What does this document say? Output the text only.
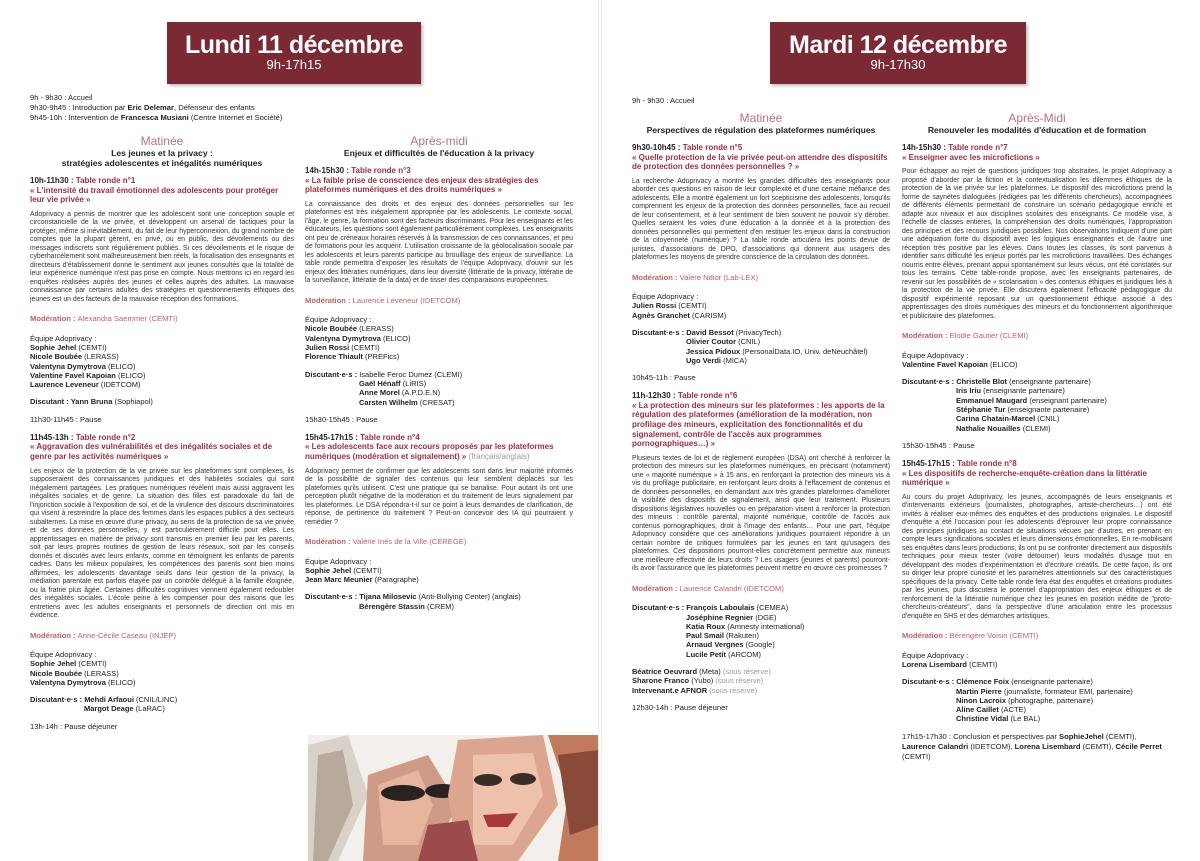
Lundi 11 décembre
9h-17h15

9h - 9h30 : Accueil

9h30-9h45 : Introduction par Eric Delemar, Défenseur des enfants

9h45-10h : Intervention de Francesca Musiani (Centre Internet et Société)

Matinée
Les jeunes et la privacy :
stratégies adolescentes et inégalités numériques
10h-11h30 : Table ronde n°1
« L'intensité du travail émotionnel des adolescents pour protéger leur vie privée »
Adoprivacy a permis de montrer que les adolescent sont une conception souple et circonstancielle de la vie privée, et développent un arsenal de tactiques pour la protéger, même si inévitablement, du fait de leur hyperconnexion, du grand nombre de comptes que la plupart gèrent, en privé, ou en public, des dévoilements ou des messages indiscrets sont régulièrement publiés. Si ces dévoilements et le risque de cyberharcèlement sont malheureusement bien réels, la focalisation des enseignants et directeurs d'établissement donne le sentiment aux jeunes consultés que la totalité de leur expérience numérique n'est pas prise en compte. Nous mettrons ici en regard les enquêtes réalisées auprès des jeunes et celles auprès des adultes. La mauvaise connaissance par certains adultes des stratégies et questionnements éthiques des jeunes est un des facteurs de la mauvaise réception des formations.
Modération : Alexandra Saemmer (CEMTI)
Équipe Adoprivacy :
Sophie Jehel (CEMTI)
Nicole Boubée (LERASS)
Valentyna Dymytrova (ELICO)
Valentine Favel Kapoian (ELICO)
Laurence Leveneur (IDETCOM)
Discutant : Yann Bruna (Sophiapol)
11h30-11h45 : Pause
11h45-13h : Table ronde n°2
« Aggravation des vulnérabilités et des inégalités sociales et de genre par les activités numériques »
Les enjeux de la protection de la vie privée sur les plateformes sont complexes, ils supposeraient des connaissances juridiques et des habiletés sociales qui sont inégalement partagées. Les pratiques numériques révèlent mais aussi aggravent les inégalités sociales et de genre. La situation des filles est paradoxale du fait de l'injonction sociale à l'exposition de soi, et de la virulence des discours discriminatoires qui visent à restreindre la place des femmes dans les espaces publics à des secteurs subalternes. La mise en œuvre d'une privacy, au sens de la protection de sa vie privée et de ses données personnelles, y est particulièrement difficile pour elles. Les apprentissages en matière de privacy sont transmis en premier lieu par les parents, soit par leurs propres routines de gestion de leurs réseaux, soit par les conseils donnés et discutés avec leurs enfants, comme en témoignent les enfants de parents cadres. Dans les milieux populaires, les compétences des parents sont bien moins affirmées, les adolescents davantage seuls dans leur gestion de la privacy, la médiation parentale est parfois étayée par un contrôle délégué à la famille éloignée, ou la fratrie plus âgée. Certaines difficultés cognitives viennent également redoubler des inégalités sociales. L'école peine à les compenser pour des raisons que les entretiens avec les adultes enseignants et personnels de direction ont mis en évidence.
Modération : Anne-Cécile Caseau (INJEP)
Équipe Adoprivacy :
Sophie Jehel (CEMTI)
Nicole Boubée (LERASS)
Valentyna Dymytrova (ELICO)
Discutant·e·s : Mehdi Arfaoui (CNIL/LINC)
Margot Deage (LaRAC)
13h-14h : Pause déjeuner
Après-midi
Enjeux et difficultés de l'éducation à la privacy
14h-15h30 : Table ronde n°3
« La faible prise de conscience des enjeux des stratégies des plateformes numériques et des droits numériques »
La connaissance des droits et des enjeux des données personnelles sur les plateformes est très inégalement appropriée par les adolescents. Le contexte social, l'âge, le genre, la formation sont des facteurs discriminants. Pour les enseignants et les éducateurs, les questions sont également particulièrement complexes. Les enseignants ont peu de créneaux horaires réservés à la transmission de ces connaissances, et peu de formations pour les acquérir. L'utilisation croissante de la géolocalisation sociale par les adolescents et leurs parents participe au brouillage des enjeux de surveillance. La table ronde permettra d'exposer les résultats de l'équipe Adoprivacy, d'ouvrir sur les enjeux des littératies numériques, dans leur diversité (littératie de la privacy, littératie de la surveillance, littératie de la data) et de tisser des comparaisons européennes.
Modération : Laurence Leveneur (IDETCOM)
Équipe Adoprivacy :
Nicole Boubée (LERASS)
Valentyna Dymytrova (ELICO)
Julien Rossi (CEMTI)
Florence Thiault (PREFics)
Discutant·e·s : Isabelle Feroc Dumez (CLEMI)
Gaël Hénaff (LiRIS)
Anne Morel (A.P.D.E.N)
Carsten Wilhelm (CRESAT)
15h30-15h45 : Pause
15h45-17h15 : Table ronde n°4
« Les adolescents face aux recours proposés par les plateformes numériques (modération et signalement) » (français/anglais)
Adoprivacy permet de confirmer que les adolescents sont dans leur majorité informés de la possibilité de signaler des contenus qui leur semblent déplacés sur les plateformes qu'ils utilisent. C'est une pratique qui se banalise. Pour autant ils ont une perception plutôt négative de la modération et du traitement de leurs signalement par les plateformes. Le DSA répondra-t-il sur ce point à leurs demandes de clarification, de réponse, de pertinence du traitement ? Peut-on concevoir des IA qui pourraient y remédier ?
Modération : Valérie Inès de la Ville (CEREGE)
Équipe Adoprivacy :
Sophie Jehel (CEMTI)
Jean Marc Meunier (Paragraphe)
Discutant·e·s : Tijana Milosevic (Anti-Bullying Center) (anglais)
Bérengère Stassin (CREM)
Mardi 12 décembre
9h-17h30

9h - 9h30 : Accueil

Matinée
Perspectives de régulation des plateformes numériques
9h30-10h45 : Table ronde n°5
« Quelle protection de la vie privée peut-on attendre des dispositifs de protection des données personnelles ? »
La recherche Adoprivacy a montré les grandes difficultés des enseignants pour aborder ces questions en raison de leur complexité et d'une certaine méfiance des adolescents. Elle a montré également un fort scepticisme des adolescents, lorsqu'ils comprennent les enjeux de la protection des données personnelles, face au recueil de leur consentement, et à leur sentiment de bien souvent ne pouvoir s'y dérober. Quelles seraient les voies d'une éducation à la donnée et à la protection des données personnelles qui permettent d'en restituer les enjeux dans la construction de la citoyenneté (numérique) ? La table ronde articulera les points devue de juristes, d'associations de DPO, d'associations qui donnent aux usagers des plateformes les moyens de prendre conscience de la circulation des données.
Modération : Valère Ndior (Lab-LEX)
Équipe Adoprivacy :
Julien Rossi (CEMTI)
Agnès Granchet (CARISM)
Discutant·e·s : David Bessot (PrivacyTech)
Olivier Coutor (CNIL)
Jessica Pidoux (PersonalData.IO, Univ. deNeuchâtel)
Ugo Verdi (MICA)
10h45-11h : Pause
11h-12h30 : Table ronde n°6
« La protection des mineurs sur les plateformes : les apports de la régulation des plateformes (amélioration de la modération, non profilage des mineurs, explicitation des fonctionnalités et du signalement, contrôle de l'accès aux programmes pornographiques…) »
Plusieurs textes de loi et de règlement européen (DSA) ont cherché à renforcer la protection des mineurs sur les plateformes numériques, en précisant (notamment) une « majorité numérique » à 15 ans, en renforçant la protection des mineurs vis à vis du profilage publicitaire, en renforçant leurs droits à l'effacement de contenus et de données personnelles, en demandant aux très grandes plateformes d'améliorer la visibilité des dispositifs de signalement, ainsi que leur traitement. Plusieurs dispositions législatives nouvelles ou en préparation visent à renforcer la protection des mineurs : contrôle parental, majorité numérique, contrôle de l'accès aux contenus pornographiques, droit à l'image des enfants… Pour une part, l'équipe Adoprivacy considère que ces améliorations juridiques pourraient répondre à un certain nombre de critiques formulées par les jeunes en tant qu'usagers des plateformes. Ces dispositions pourront-elles concrètement permettre aux mineurs une meilleure effectivité de leurs droits ? Les usagers (jeunes et parents) pourront-ils avoir l'assurance que les plateformes peuvent mettre en œuvre ces promesses ?
Modération : Laurence Calandri (IDETCOM)
Discutant·e·s : François Laboulais (CEMEA)
Joséphine Regnier (DGE)
Katia Roux (Amnesty international)
Paul Smail (Rakuten)
Arnaud Vergnes (Google)
Lucile Petit (ARCOM)
Béatrice Oeuvrard (Meta) (sous réserve)
Sharone Franco (Yubo) (sous réserve)
Intervenant.e AFNOR (sous réserve)
12h30-14h : Pause déjeuner
Après-Midi
Renouveler les modalités d'éducation et de formation
14h-15h30 : Table ronde n°7
« Enseigner avec les microfictions »
Pour échapper au rejet de questions juridiques trop abstraites, le projet Adoprivacy a proposé d'aborder par la fiction et la contextualisation les dilemmes éthiques de la protection de la vie privée sur les plateformes. Le dispositif des microfictions prend la forme de saynètes dialoguées (rédigées par les différents chercheurs), accompagnées de différents éléments permettant de construire un scénario pédagogique enrichi et adapté aux niveaux et aux disciplines scolaires des enseignants. Ce modèle vise, à l'échelle de classes entières, la compréhension des droits numériques, l'appropriation des principes et des recours juridiques possibles. Nos observations indiquent d'une part une adéquation forte du dispositif avec les logiques enseignantes et de l'autre une réception très positive par les élèves. Dans toutes les classes, ils sont parvenus à identifier sans difficulté les enjeux portés par les microfictions travaillées. Des échanges nourris entre élèves, prenant appui spontanément sur leurs vécus, ont été constatés sur tous les terrains. Cette table-ronde propose, avec les enseignants partenaires, de revenir sur les possibilités de « scolarisation » des contenus éthiques et juridiques liés à la protection de la vie privée. Elle discutera également l'efficacité pédagogique du dispositif expérimenté reposant sur un questionnement éthique associé à des apprentissages des droits numériques des mineurs et du fonctionnement algorithmique et publicitaire des plateformes.
Modération : Elodie Gautier (CLEMI)
Équipe Adoprivacy :
Valentine Favel Kapoian (ELICO)
Discutant·e·s : Christelle Blot (enseignante partenaire)
Iris Iriu (enseignante partenaire)
Emmanuel Maugard (enseignant partenaire)
Stéphanie Tur (enseignante partenaire)
Carina Chatain-Marcel (CNIL)
Nathalie Nouailles (CLEMI)
15h30-15h45 : Pause
15h45-17h15 : Table ronde n°8
« Les dispositifs de recherche-enquête-création dans la littératie numérique »
Au cours du projet Adoprivacy, les jeunes, accompagnés de leurs enseignants et d'intervenants extérieurs (journalistes, photographes, artiste-chercheurs…) ont été invités à réaliser eux-mêmes des enquêtes et des productions originales. Le dispositif d'enquête a été l'occasion pour les adolescents d'éprouver leur propre connaissance des principes juridiques au contact de situations vécues par d'autres, en prenant en compte leurs significations sociales et leurs dimensions émotionnelles. En re-mobilisant ses enquêtes dans leurs productions, ils ont pu se confronter directement aux dispositifs techniques pour mieux tester (voire détourner) leurs modalités d'usage tout en développant des modes d'expérimentation et d'écriture créatifs. De cette façon, ils ont su diriger leur propre curiosité et les paramètres attentionnels sur des caractéristiques spécifiques de la privacy. Cette table ronde fera état des enquêtes et créations produites par les jeunes, puis discutera le potentiel d'appropriation des enjeux éthiques et de renforcement de la littératie numérique chez les jeunes en position inédite de "proto-chercheurs-créateurs", dans la perspective d'une articulation entre les processus d'enquête en SHS et des démarches artistiques.
Modération : Bérengère Voisin (CEMTI)
Équipe Adoprivacy :
Lorena Lisembard (CEMTI)
Discutant·e·s : Clémence Foix (enseignante partenaire)
Martin Pierre (journaliste, formateur EMI, partenaire)
Ninon Lacroix (photographe, partenaire)
Aline Caillet (ACTE)
Christine Vidal (Le BAL)
17h15-17h30 : Conclusion et perspectives par SophieJehel (CEMTI), Laurence Calandri (IDETCOM), Lorena Lisembard (CEMTI), Cécile Perret (CEMTI)
